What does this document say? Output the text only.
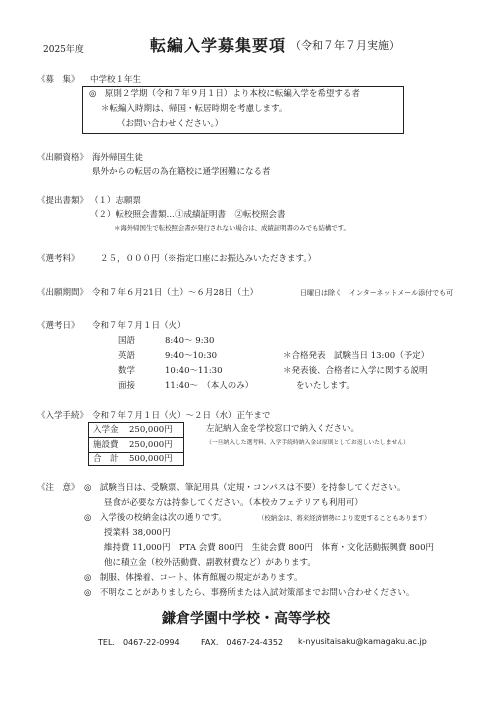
2025年度	転編入学募集要項 （令和７年７月実施）
《募　集》 中学校１年生
◎　原則２学期（令和７年９月１日）より本校に転編入学を希望する者
＊転編入時期は、帰国・転居時期を考慮します。
（お問い合わせください。）
《出願資格》 海外帰国生徒
県外からの転居の為在籍校に通学困難になる者
《提出書類》 （１）志願票
（２）転校照会書類…①成績証明書　②転校照会書
＊海外帰国生で転校照会書が発行されない場合は、成績証明書のみでも結構です。
《選考料》 ２５，０００円（※指定口座にお振込みいただきます。）
《出願期間》 令和７年６月21日（土）～６月28日（土）	日曜日は除く　インターネットメール添付でも可
《選考日》 令和７年７月１日（火）
国語	8:40～ 9:30
英語	9:40～10:30
数学	10:40～11:30
面接	11:40～　（本人のみ）
＊合格発表　試験当日 13:00（予定）
＊発表後、合格者に入学に関する説明
をいたします。
《入学手続》 令和７年７月１日（火）～２日（水）正午まで
入学金 250,000円
施設費 250,000円
合　計 500,000円
左記納入金を学校窓口で納入ください。
（一旦納入した選考料、入学手続時納入金は原則としてお返しいたしません）
《注　意》 ◎　試験当日は、受験票、筆記用具（定規・コンパスは不要）を持参してください。
昼食が必要な方は持参してください。（本校カフェテリアも利用可）
◎　入学後の校納金は次の通りです。	（校納金は、将来経済情勢により変更することもあります）
授業料 38,000円
維持費 11,000円　PTA 会費 800円　生徒会費 800円　体育・文化活動振興費 800円
他に積立金（校外活動費、副教材費など）があります。
◎　制服、体操着、コート、体育館履の規定があります。
◎　不明なことがありましたら、事務所または入試対策部までお問い合わせください。
鎌倉学園中学校・高等学校
TEL.　0467-22-0994	FAX.　0467-24-4352 k-nyusitaisaku@kamagaku.ac.jp
